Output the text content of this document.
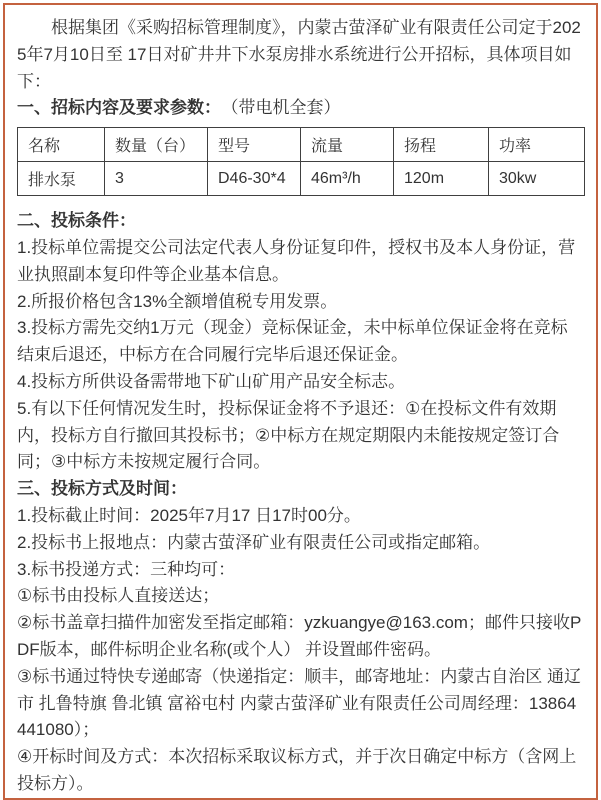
根据集团《采购招标管理制度》，内蒙古萤泽矿业有限责任公司定于2025年7月10日至 17日对矿井井下水泵房排水系统进行公开招标，具体项目如下：

一、招标内容及要求参数： （带电机全套）

名称	数量（台）	型号	流量	扬程	功率
排水泵	3	D46-30*4	46m³/h	120m	30kw

二、投标条件：

1.投标单位需提交公司法定代表人身份证复印件，授权书及本人身份证，营业执照副本复印件等企业基本信息。

2.所报价格包含13%全额增值税专用发票。

3.投标方需先交纳1万元（现金）竞标保证金，未中标单位保证金将在竞标结束后退还，中标方在合同履行完毕后退还保证金。

4.投标方所供设备需带地下矿山矿用产品安全标志。

5.有以下任何情况发生时，投标保证金将不予退还：①在投标文件有效期内，投标方自行撤回其投标书；②中标方在规定期限内未能按规定签订合同；③中标方未按规定履行合同。

三、投标方式及时间：

1.投标截止时间：2025年7月17 日17时00分。

2.投标书上报地点：内蒙古萤泽矿业有限责任公司或指定邮箱。

3.标书投递方式：三种均可：

①标书由投标人直接送达；

②标书盖章扫描件加密发至指定邮箱：yzkuangye@163.com；邮件只接收PDF版本，邮件标明企业名称(或个人） 并设置邮件密码。

③标书通过特快专递邮寄（快递指定：顺丰，邮寄地址：内蒙古自治区 通辽市 扎鲁特旗 鲁北镇 富裕屯村 内蒙古萤泽矿业有限责任公司周经理：13864441080）；

④开标时间及方式：本次招标采取议标方式，并于次日确定中标方（含网上投标方）。
